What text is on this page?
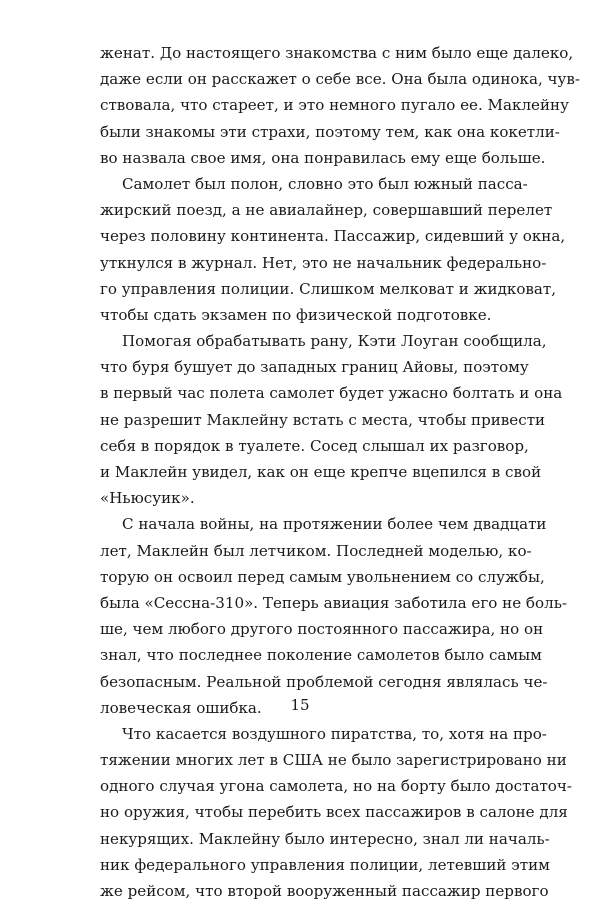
женат. До настоящего знакомства с ним было еще далеко,
даже если он расскажет о себе все. Она была одинока, чув-
ствовала, что стареет, и это немного пугало ее. Маклейну
были знакомы эти страхи, поэтому тем, как она кокетли-
во назвала свое имя, она понравилась ему еще больше.
Самолет был полон, словно это был южный пасса-
жирский поезд, а не авиалайнер, совершавший перелет
через половину континента. Пассажир, сидевший у окна,
уткнулся в журнал. Нет, это не начальник федерально-
го управления полиции. Слишком мелковат и жидковат,
чтобы сдать экзамен по физической подготовке.
Помогая обрабатывать рану, Кэти Лоуган сообщила,
что буря бушует до западных границ Айовы, поэтому
в первый час полета самолет будет ужасно болтать и она
не разрешит Маклейну встать с места, чтобы привести
себя в порядок в туалете. Сосед слышал их разговор,
и Маклейн увидел, как он еще крепче вцепился в свой
«Ньюсуик».
С начала войны, на протяжении более чем двадцати
лет, Маклейн был летчиком. Последней моделью, ко-
торую он освоил перед самым увольнением со службы,
была «Сессна-310». Теперь авиация заботила его не боль-
ше, чем любого другого постоянного пассажира, но он
знал, что последнее поколение самолетов было самым
безопасным. Реальной проблемой сегодня являлась че-
ловеческая ошибка.
Что касается воздушного пиратства, то, хотя на про-
тяжении многих лет в США не было зарегистрировано ни
одного случая угона самолета, но на борту было достаточ-
но оружия, чтобы перебить всех пассажиров в салоне для
некурящих. Маклейну было интересно, знал ли началь-
ник федерального управления полиции, летевший этим
же рейсом, что второй вооруженный пассажир первого
15
